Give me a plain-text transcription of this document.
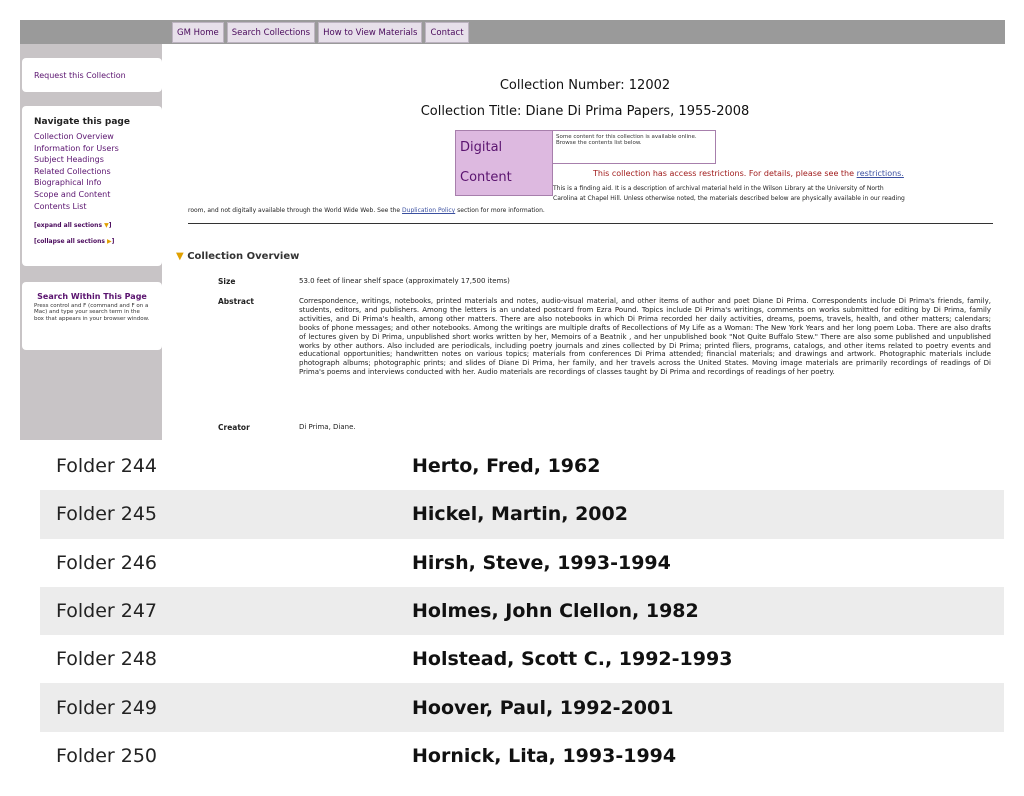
GM Home	Search Collections	How to View Materials	Contact
Request this Collection
Navigate this page
Collection Overview
Information for Users
Subject Headings
Related Collections
Biographical Info
Scope and Content
Contents List
[expand all sections ▼]
[collapse all sections ▶]
Search Within This Page
Press control and F (command and F on a Mac) and type your search term in the box that appears in your browser window.
Collection Number: 12002
Collection Title: Diane Di Prima Papers, 1955-2008
Digital
Content
Some content for this collection is available online. Browse the contents list below.
This collection has access restrictions. For details, please see the restrictions.
This is a finding aid. It is a description of archival material held in the Wilson Library at the University of North
Carolina at Chapel Hill. Unless otherwise noted, the materials described below are physically available in our reading
room, and not digitally available through the World Wide Web. See the Duplication Policy section for more information.
▼ Collection Overview
Size	53.0 feet of linear shelf space (approximately 17,500 items)
Abstract	Correspondence, writings, notebooks, printed materials and notes, audio-visual material, and other items of author and poet Diane Di Prima. Correspondents include Di Prima's friends, family, students, editors, and publishers. Among the letters is an undated postcard from Ezra Pound. Topics include Di Prima's writings, comments on works submitted for editing by Di Prima, family activities, and Di Prima's health, among other matters. There are also notebooks in which Di Prima recorded her daily activities, dreams, poems, travels, health, and other matters; calendars; books of phone messages; and other notebooks. Among the writings are multiple drafts of Recollections of My Life as a Woman: The New York Years and her long poem Loba. There are also drafts of lectures given by Di Prima, unpublished short works written by her, Memoirs of a Beatnik , and her unpublished book "Not Quite Buffalo Stew." There are also some published and unpublished works by other authors. Also included are periodicals, including poetry journals and zines collected by Di Prima; printed fliers, programs, catalogs, and other items related to poetry events and educational opportunities; handwritten notes on various topics; materials from conferences Di Prima attended; financial materials; and drawings and artwork. Photographic materials include photograph albums; photographic prints; and slides of Diane Di Prima, her family, and her travels across the United States. Moving image materials are primarily recordings of readings of Di Prima's poems and interviews conducted with her. Audio materials are recordings of classes taught by Di Prima and recordings of readings of her poetry.
Creator	Di Prima, Diane.
Folder 244	Herto, Fred, 1962
Folder 245	Hickel, Martin, 2002
Folder 246	Hirsh, Steve, 1993-1994
Folder 247	Holmes, John Clellon, 1982
Folder 248	Holstead, Scott C., 1992-1993
Folder 249	Hoover, Paul, 1992-2001
Folder 250	Hornick, Lita, 1993-1994
